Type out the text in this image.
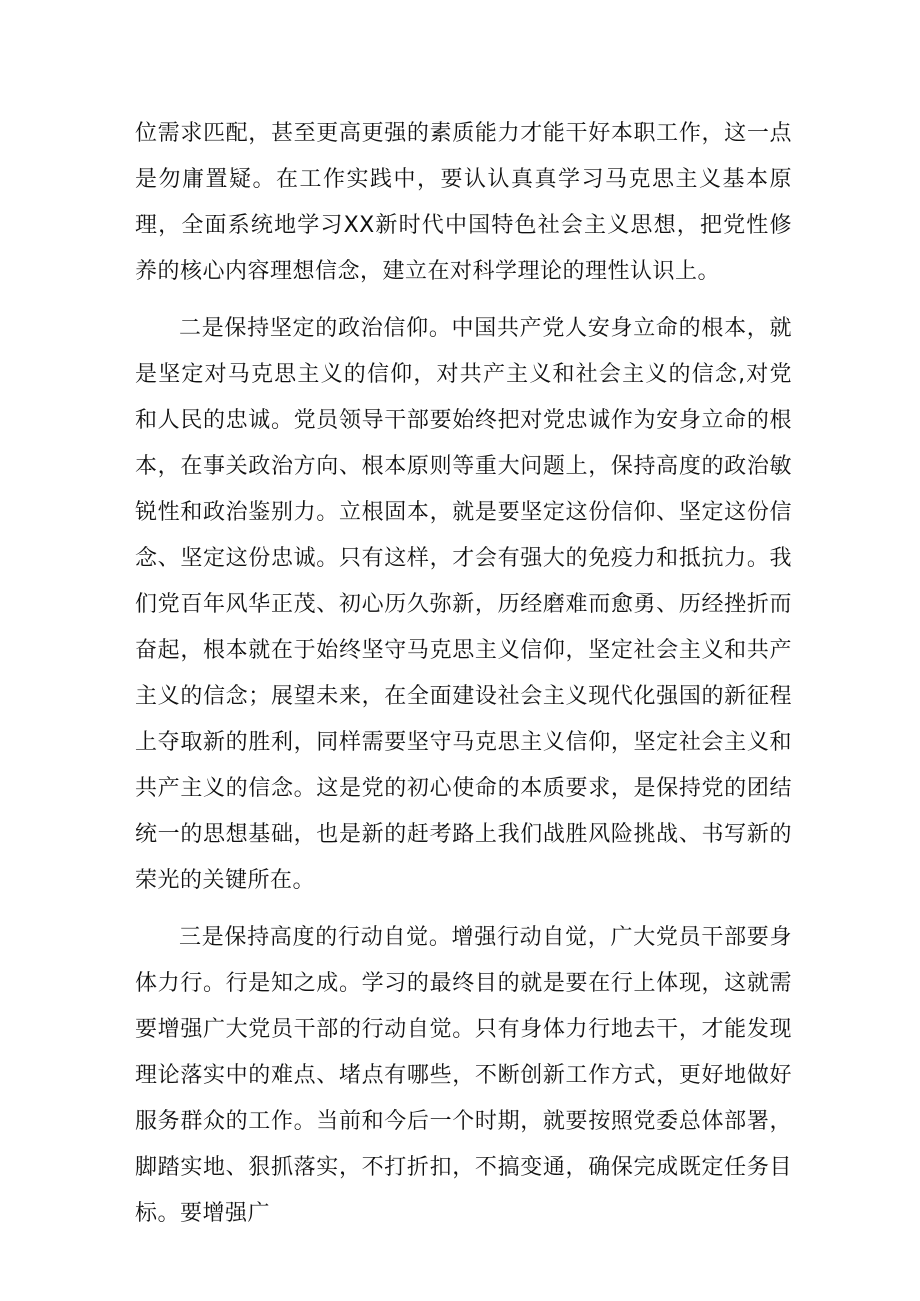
位需求匹配，甚至更高更强的素质能力才能干好本职工作，这一点是勿庸置疑。在工作实践中，要认认真真学习马克思主义基本原理，全面系统地学习XX新时代中国特色社会主义思想，把党性修养的核心内容理想信念，建立在对科学理论的理性认识上。

二是保持坚定的政治信仰。中国共产党人安身立命的根本，就是坚定对马克思主义的信仰，对共产主义和社会主义的信念,对党和人民的忠诚。党员领导干部要始终把对党忠诚作为安身立命的根本，在事关政治方向、根本原则等重大问题上，保持高度的政治敏锐性和政治鉴别力。立根固本，就是要坚定这份信仰、坚定这份信念、坚定这份忠诚。只有这样，才会有强大的免疫力和抵抗力。我们党百年风华正茂、初心历久弥新，历经磨难而愈勇、历经挫折而奋起，根本就在于始终坚守马克思主义信仰，坚定社会主义和共产主义的信念；展望未来，在全面建设社会主义现代化强国的新征程上夺取新的胜利，同样需要坚守马克思主义信仰，坚定社会主义和共产主义的信念。这是党的初心使命的本质要求，是保持党的团结统一的思想基础，也是新的赶考路上我们战胜风险挑战、书写新的荣光的关键所在。

三是保持高度的行动自觉。增强行动自觉，广大党员干部要身体力行。行是知之成。学习的最终目的就是要在行上体现，这就需要增强广大党员干部的行动自觉。只有身体力行地去干，才能发现理论落实中的难点、堵点有哪些，不断创新工作方式，更好地做好服务群众的工作。当前和今后一个时期，就要按照党委总体部署，脚踏实地、狠抓落实，不打折扣，不搞变通，确保完成既定任务目标。要增强广
